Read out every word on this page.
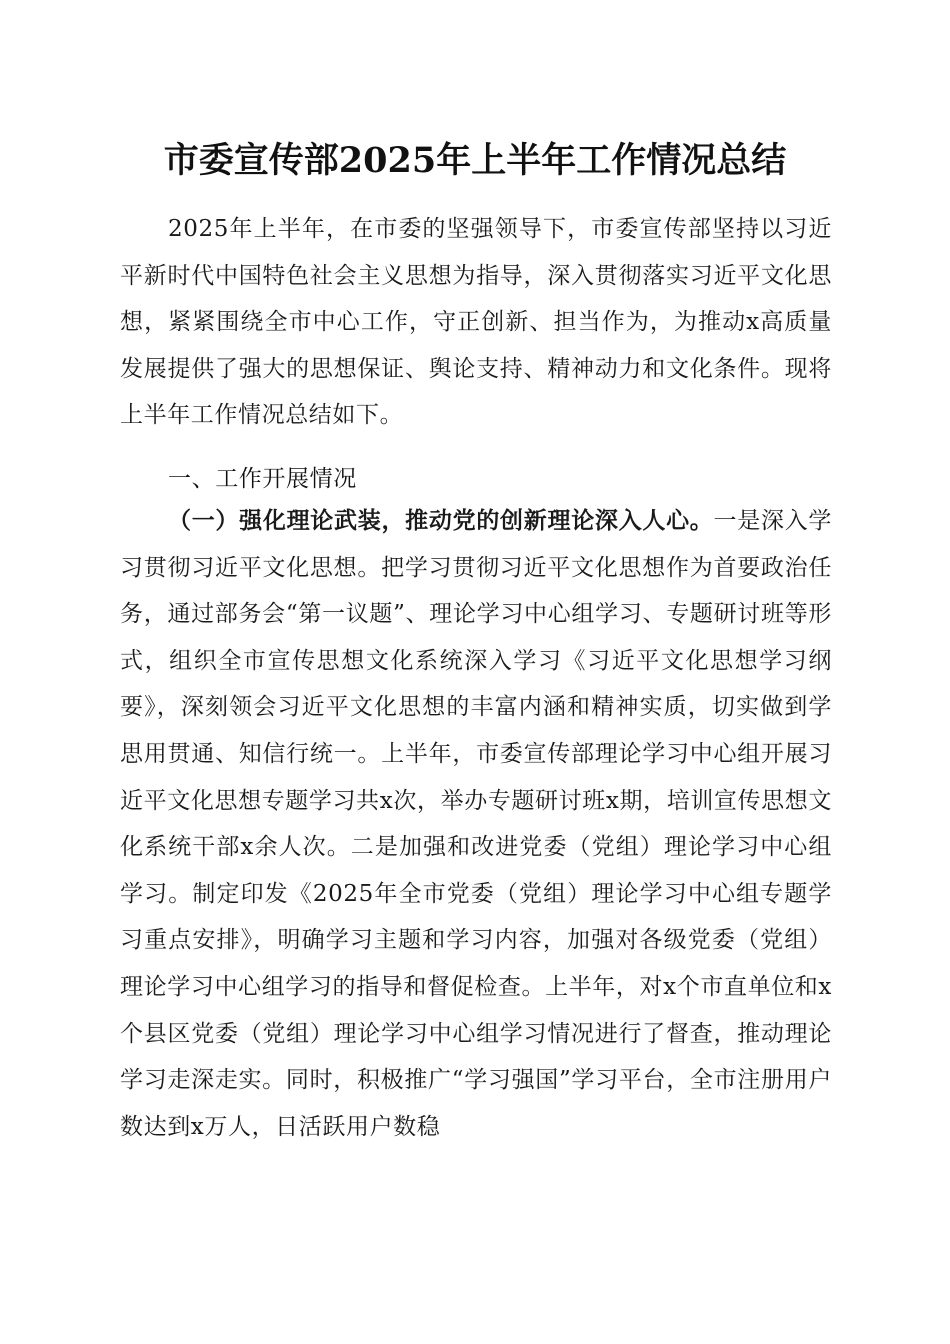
市委宣传部2025年上半年工作情况总结

2025年上半年，在市委的坚强领导下，市委宣传部坚持以习近平新时代中国特色社会主义思想为指导，深入贯彻落实习近平文化思想，紧紧围绕全市中心工作，守正创新、担当作为，为推动x高质量发展提供了强大的思想保证、舆论支持、精神动力和文化条件。现将上半年工作情况总结如下。

一、工作开展情况

（一）强化理论武装，推动党的创新理论深入人心。一是深入学习贯彻习近平文化思想。把学习贯彻习近平文化思想作为首要政治任务，通过部务会“第一议题”、理论学习中心组学习、专题研讨班等形式，组织全市宣传思想文化系统深入学习《习近平文化思想学习纲要》，深刻领会习近平文化思想的丰富内涵和精神实质，切实做到学思用贯通、知信行统一。上半年，市委宣传部理论学习中心组开展习近平文化思想专题学习共x次，举办专题研讨班x期，培训宣传思想文化系统干部x余人次。二是加强和改进党委（党组）理论学习中心组学习。制定印发《2025年全市党委（党组）理论学习中心组专题学习重点安排》，明确学习主题和学习内容，加强对各级党委（党组）理论学习中心组学习的指导和督促检查。上半年，对x个市直单位和x个县区党委（党组）理论学习中心组学习情况进行了督查，推动理论学习走深走实。同时，积极推广“学习强国”学习平台，全市注册用户数达到x万人，日活跃用户数稳
